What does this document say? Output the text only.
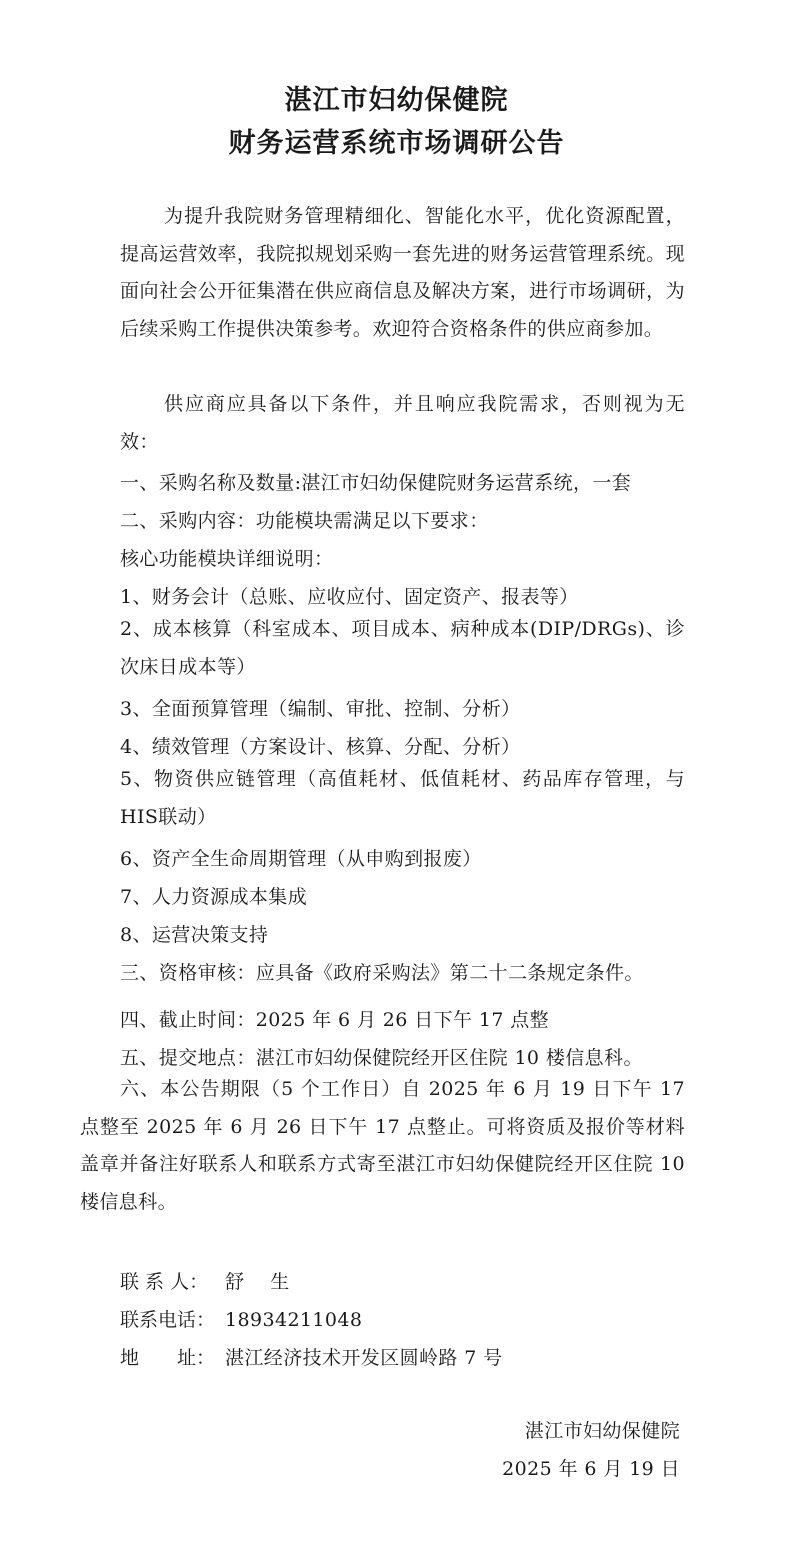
湛江市妇幼保健院
财务运营系统市场调研公告

为提升我院财务管理精细化、智能化水平，优化资源配置，提高运营效率，我院拟规划采购一套先进的财务运营管理系统。现面向社会公开征集潜在供应商信息及解决方案，进行市场调研，为后续采购工作提供决策参考。欢迎符合资格条件的供应商参加。

供应商应具备以下条件，并且响应我院需求，否则视为无效：

一、采购名称及数量:湛江市妇幼保健院财务运营系统，一套

二、采购内容：功能模块需满足以下要求：

核心功能模块详细说明：

1、财务会计（总账、应收应付、固定资产、报表等）

2、成本核算（科室成本、项目成本、病种成本(DIP/DRGs)、诊次床日成本等）

3、全面预算管理（编制、审批、控制、分析）

4、绩效管理（方案设计、核算、分配、分析）

5、物资供应链管理（高值耗材、低值耗材、药品库存管理，与HIS联动）

6、资产全生命周期管理（从申购到报废）

7、人力资源成本集成

8、运营决策支持

三、资格审核：应具备《政府采购法》第二十二条规定条件。

四、截止时间：2025 年 6 月 26 日下午 17 点整

五、提交地点：湛江市妇幼保健院经开区住院 10 楼信息科。

六、本公告期限（5 个工作日）自 2025 年 6 月 19 日下午 17 点整至 2025 年 6 月 26 日下午 17 点整止。可将资质及报价等材料盖章并备注好联系人和联系方式寄至湛江市妇幼保健院经开区住院 10 楼信息科。

联 系 人： 舒　 生

联系电话： 18934211048

地　　址： 湛江经济技术开发区圆岭路 7 号

湛江市妇幼保健院

2025 年 6 月 19 日
